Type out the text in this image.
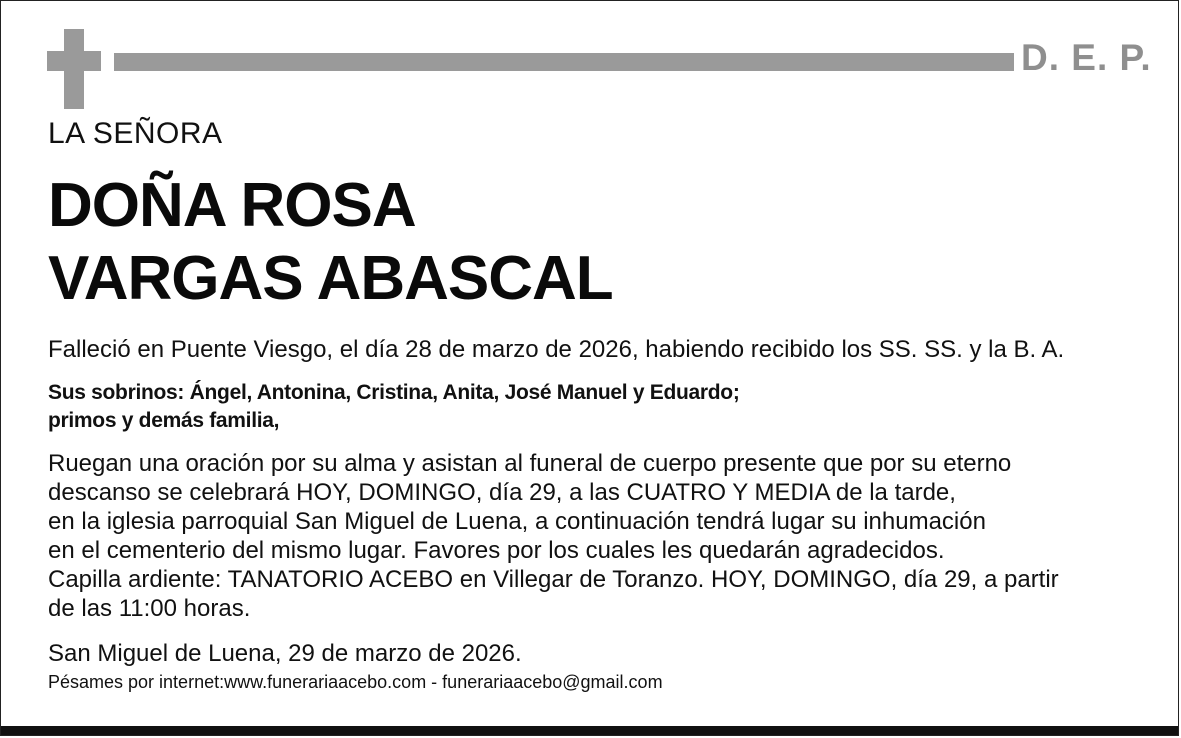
D. E. P.
LA SEÑORA
DOÑA ROSA
VARGAS ABASCAL
Falleció en Puente Viesgo, el día 28 de marzo de 2026, habiendo recibido los SS. SS. y la B. A.
Sus sobrinos: Ángel, Antonina, Cristina, Anita, José Manuel y Eduardo;
primos y demás familia,
Ruegan una oración por su alma y asistan al funeral de cuerpo presente que por su eterno
descanso se celebrará HOY, DOMINGO, día 29, a las CUATRO Y MEDIA de la tarde,
en la iglesia parroquial San Miguel de Luena, a continuación tendrá lugar su inhumación
en el cementerio del mismo lugar. Favores por los cuales les quedarán agradecidos.
Capilla ardiente: TANATORIO ACEBO en Villegar de Toranzo. HOY, DOMINGO, día 29, a partir
de las 11:00 horas.
San Miguel de Luena, 29 de marzo de 2026.
Pésames por internet:www.funerariaacebo.com - funerariaacebo@gmail.com
